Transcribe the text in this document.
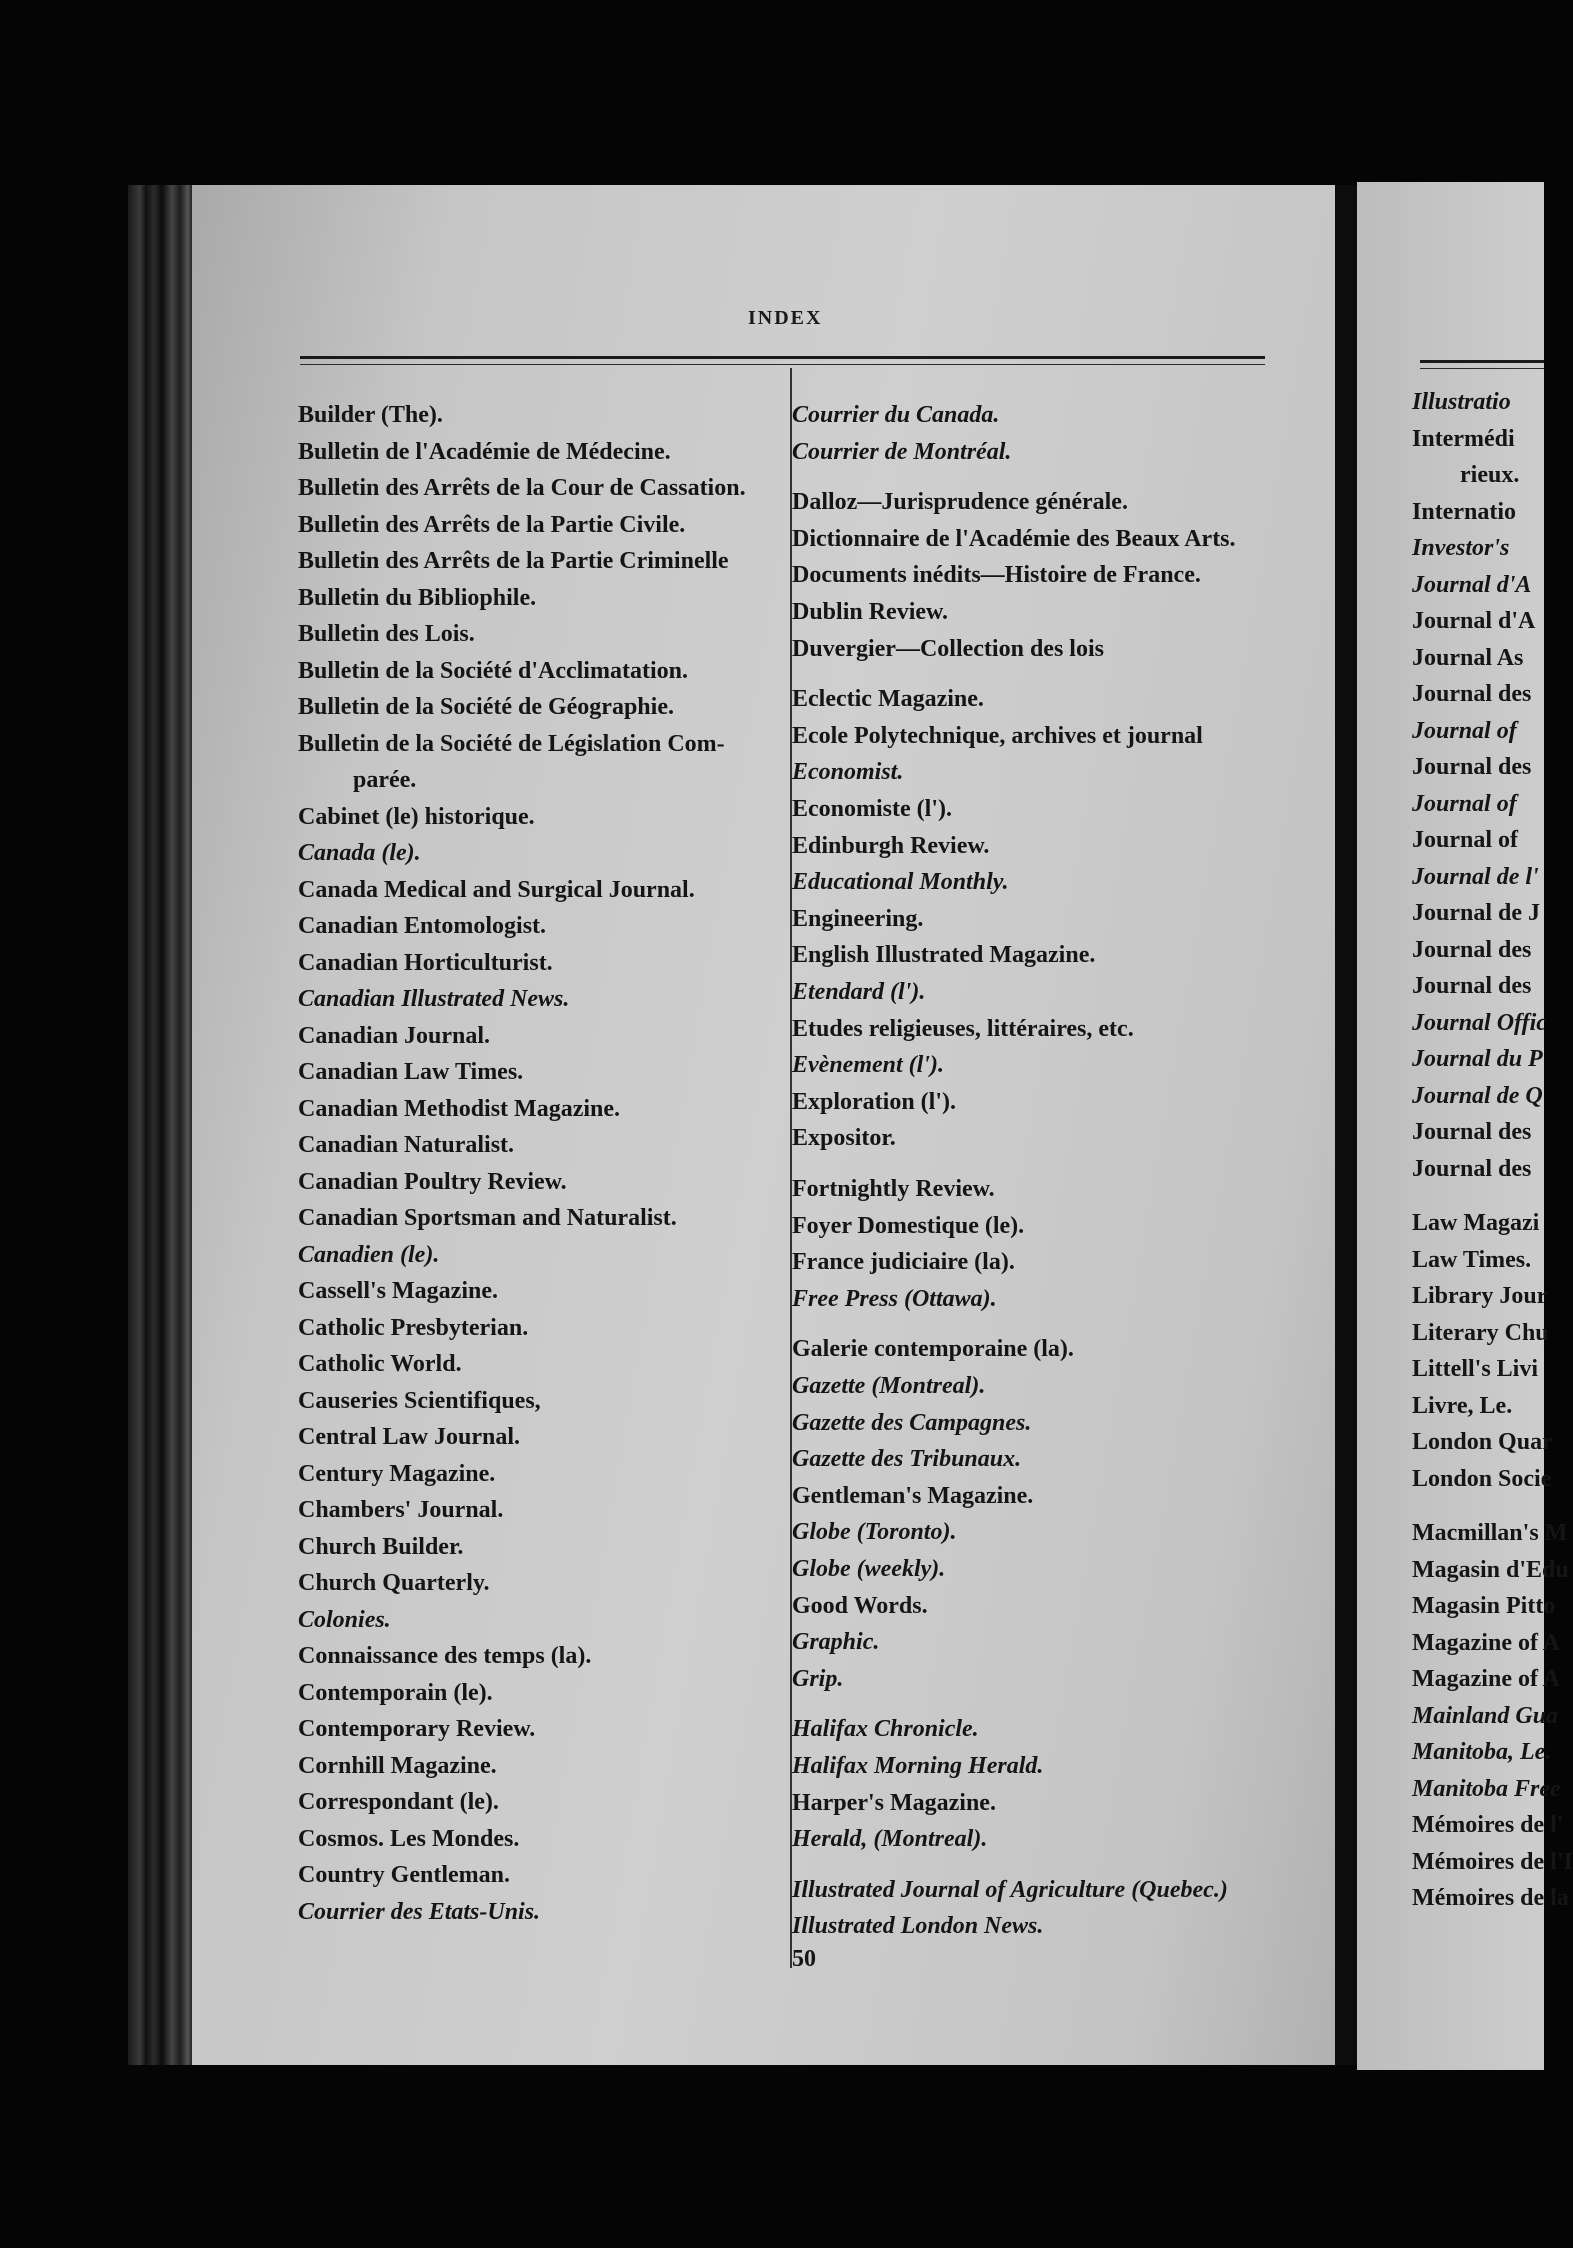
INDEX
Builder (The).
Bulletin de l'Académie de Médecine.
Bulletin des Arrêts de la Cour de Cassation.
Bulletin des Arrêts de la Partie Civile.
Bulletin des Arrêts de la Partie Criminelle
Bulletin du Bibliophile.
Bulletin des Lois.
Bulletin de la Société d'Acclimatation.
Bulletin de la Société de Géographie.
Bulletin de la Société de Législation Com-
parée.
Cabinet (le) historique.
Canada (le).
Canada Medical and Surgical Journal.
Canadian Entomologist.
Canadian Horticulturist.
Canadian Illustrated News.
Canadian Journal.
Canadian Law Times.
Canadian Methodist Magazine.
Canadian Naturalist.
Canadian Poultry Review.
Canadian Sportsman and Naturalist.
Canadien (le).
Cassell's Magazine.
Catholic Presbyterian.
Catholic World.
Causeries Scientifiques,
Central Law Journal.
Century Magazine.
Chambers' Journal.
Church Builder.
Church Quarterly.
Colonies.
Connaissance des temps (la).
Contemporain (le).
Contemporary Review.
Cornhill Magazine.
Correspondant (le).
Cosmos. Les Mondes.
Country Gentleman.
Courrier des Etats-Unis.
Courrier du Canada.
Courrier de Montréal.
Dalloz—Jurisprudence générale.
Dictionnaire de l'Académie des Beaux Arts.
Documents inédits—Histoire de France.
Dublin Review.
Duvergier—Collection des lois
Eclectic Magazine.
Ecole Polytechnique, archives et journal
Economist.
Economiste (l').
Edinburgh Review.
Educational Monthly.
Engineering.
English Illustrated Magazine.
Etendard (l').
Etudes religieuses, littéraires, etc.
Evènement (l').
Exploration (l').
Expositor.
Fortnightly Review.
Foyer Domestique (le).
France judiciaire (la).
Free Press (Ottawa).
Galerie contemporaine (la).
Gazette (Montreal).
Gazette des Campagnes.
Gazette des Tribunaux.
Gentleman's Magazine.
Globe (Toronto).
Globe (weekly).
Good Words.
Graphic.
Grip.
Halifax Chronicle.
Halifax Morning Herald.
Harper's Magazine.
Herald, (Montreal).
Illustrated Journal of Agriculture (Quebec.)
Illustrated London News.
Illustratio
Intermédi
rieux.
Internatio
Investor's
Journal d'A
Journal d'A
Journal As
Journal des
Journal of
Journal des
Journal of
Journal of
Journal de l'
Journal de J
Journal des
Journal des
Journal Offic
Journal du P
Journal de Q
Journal des
Journal des
Law Magazi
Law Times.
Library Jour
Literary Chu
Littell's Livi
Livre, Le.
London Quar
London Socie
Macmillan's M
Magasin d'Edu
Magasin Pitto
Magazine of A
Magazine of A
Mainland Gua
Manitoba, Le.
Manitoba Free
Mémoires de l'
Mémoires de l'I
Mémoires de la
50
